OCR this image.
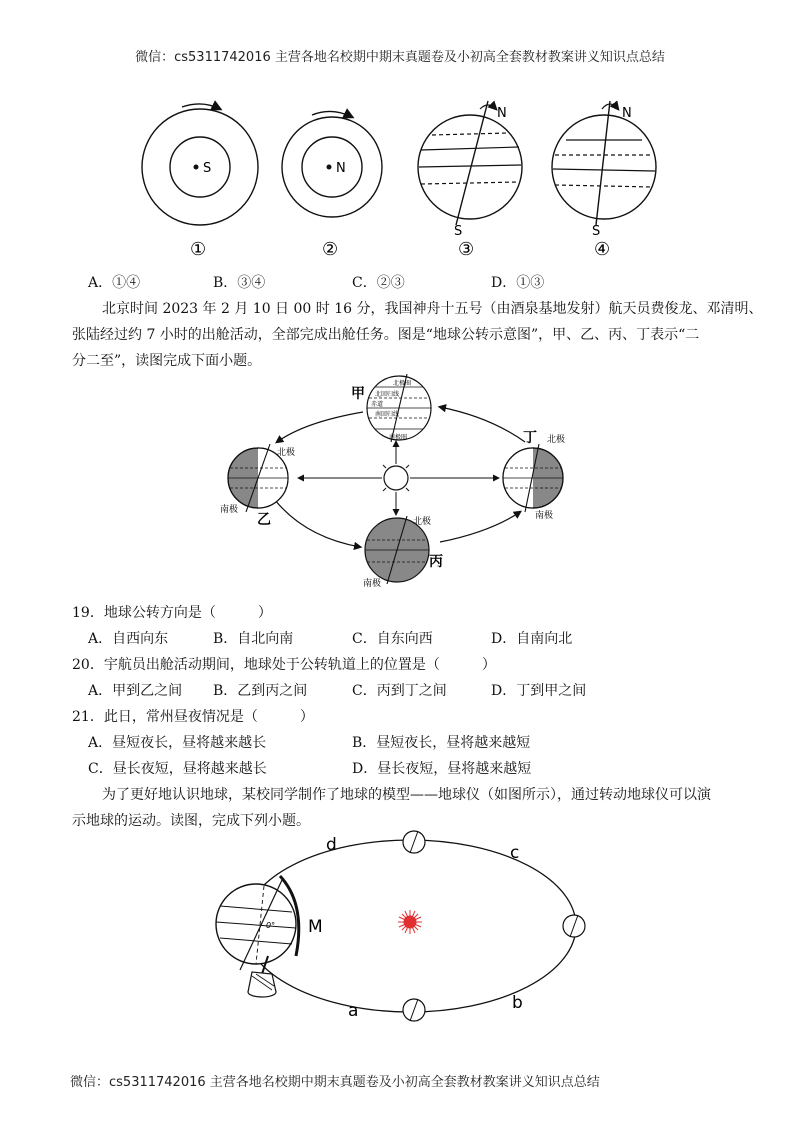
微信：cs5311742016 主营各地名校期中期末真题卷及小初高全套教材教案讲义知识点总结
S
①
N
②
N
S
③
N
S
④
A．①④	B．③④	C．②③	D．①③
北京时间 2023 年 2 月 10 日 00 时 16 分，我国神舟十五号（由酒泉基地发射）航天员费俊龙、邓清明、
张陆经过约 7 小时的出舱活动，全部完成出舱任务。图是“地球公转示意图”，甲、乙、丙、丁表示“二
分二至”，读图完成下面小题。
北极圈
北回归线
赤道
南回归线
南极圈
甲
北极
南极
乙
北极
南极
丁
北极
南极
丙
19．地球公转方向是（　　　）
A．自西向东	B．自北向南	C．自东向西	D．自南向北
20．宇航员出舱活动期间，地球处于公转轨道上的位置是（　　　）
A．甲到乙之间 B．乙到丙之间	C．丙到丁之间	D．丁到甲之间
21．此日，常州昼夜情况是（　　　）
A．昼短夜长，昼将越来越长	B．昼短夜长，昼将越来越短
C．昼长夜短，昼将越来越长	D．昼长夜短，昼将越来越短
为了更好地认识地球，某校同学制作了地球的模型——地球仪（如图所示），通过转动地球仪可以演
示地球的运动。读图，完成下列小题。
0°
d	c
M
a	b
微信：cs5311742016 主营各地名校期中期末真题卷及小初高全套教材教案讲义知识点总结
